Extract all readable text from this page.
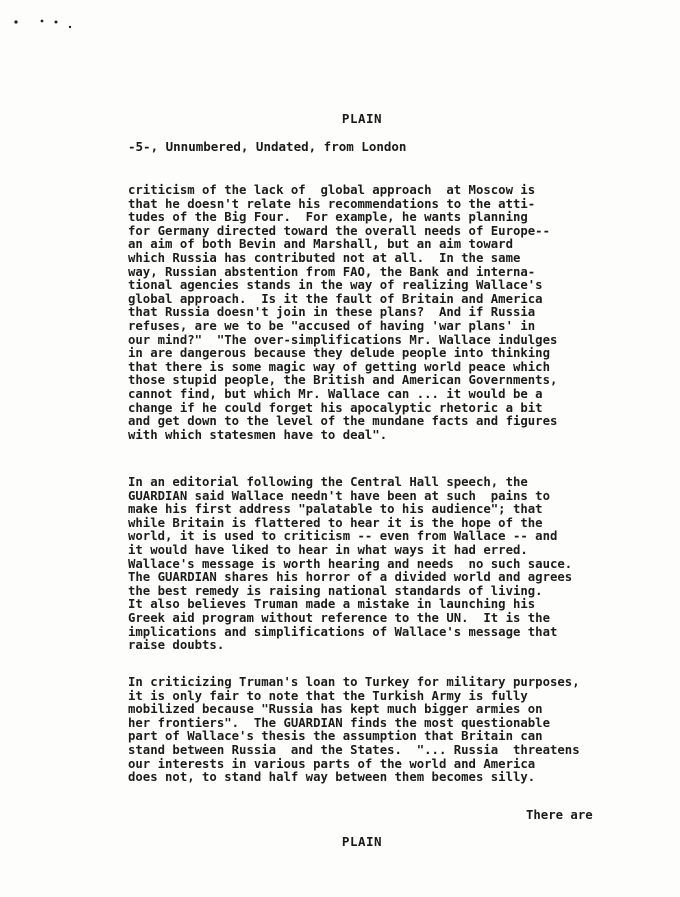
PLAIN
-5-, Unnumbered, Undated, from London
criticism of the lack of  global approach  at Moscow is
that he doesn't relate his recommendations to the atti-
tudes of the Big Four.  For example, he wants planning
for Germany directed toward the overall needs of Europe--
an aim of both Bevin and Marshall, but an aim toward
which Russia has contributed not at all.  In the same
way, Russian abstention from FAO, the Bank and interna-
tional agencies stands in the way of realizing Wallace's
global approach.  Is it the fault of Britain and America
that Russia doesn't join in these plans?  And if Russia
refuses, are we to be "accused of having 'war plans' in
our mind?"  "The over-simplifications Mr. Wallace indulges
in are dangerous because they delude people into thinking
that there is some magic way of getting world peace which
those stupid people, the British and American Governments,
cannot find, but which Mr. Wallace can ... it would be a
change if he could forget his apocalyptic rhetoric a bit
and get down to the level of the mundane facts and figures
with which statesmen have to deal".
In an editorial following the Central Hall speech, the
GUARDIAN said Wallace needn't have been at such  pains to
make his first address "palatable to his audience"; that
while Britain is flattered to hear it is the hope of the
world, it is used to criticism -- even from Wallace -- and
it would have liked to hear in what ways it had erred.
Wallace's message is worth hearing and needs  no such sauce.
The GUARDIAN shares his horror of a divided world and agrees
the best remedy is raising national standards of living.
It also believes Truman made a mistake in launching his
Greek aid program without reference to the UN.  It is the
implications and simplifications of Wallace's message that
raise doubts.
In criticizing Truman's loan to Turkey for military purposes,
it is only fair to note that the Turkish Army is fully
mobilized because "Russia has kept much bigger armies on
her frontiers".  The GUARDIAN finds the most questionable
part of Wallace's thesis the assumption that Britain can
stand between Russia  and the States.  "... Russia  threatens
our interests in various parts of the world and America
does not, to stand half way between them becomes silly.
There are
PLAIN
